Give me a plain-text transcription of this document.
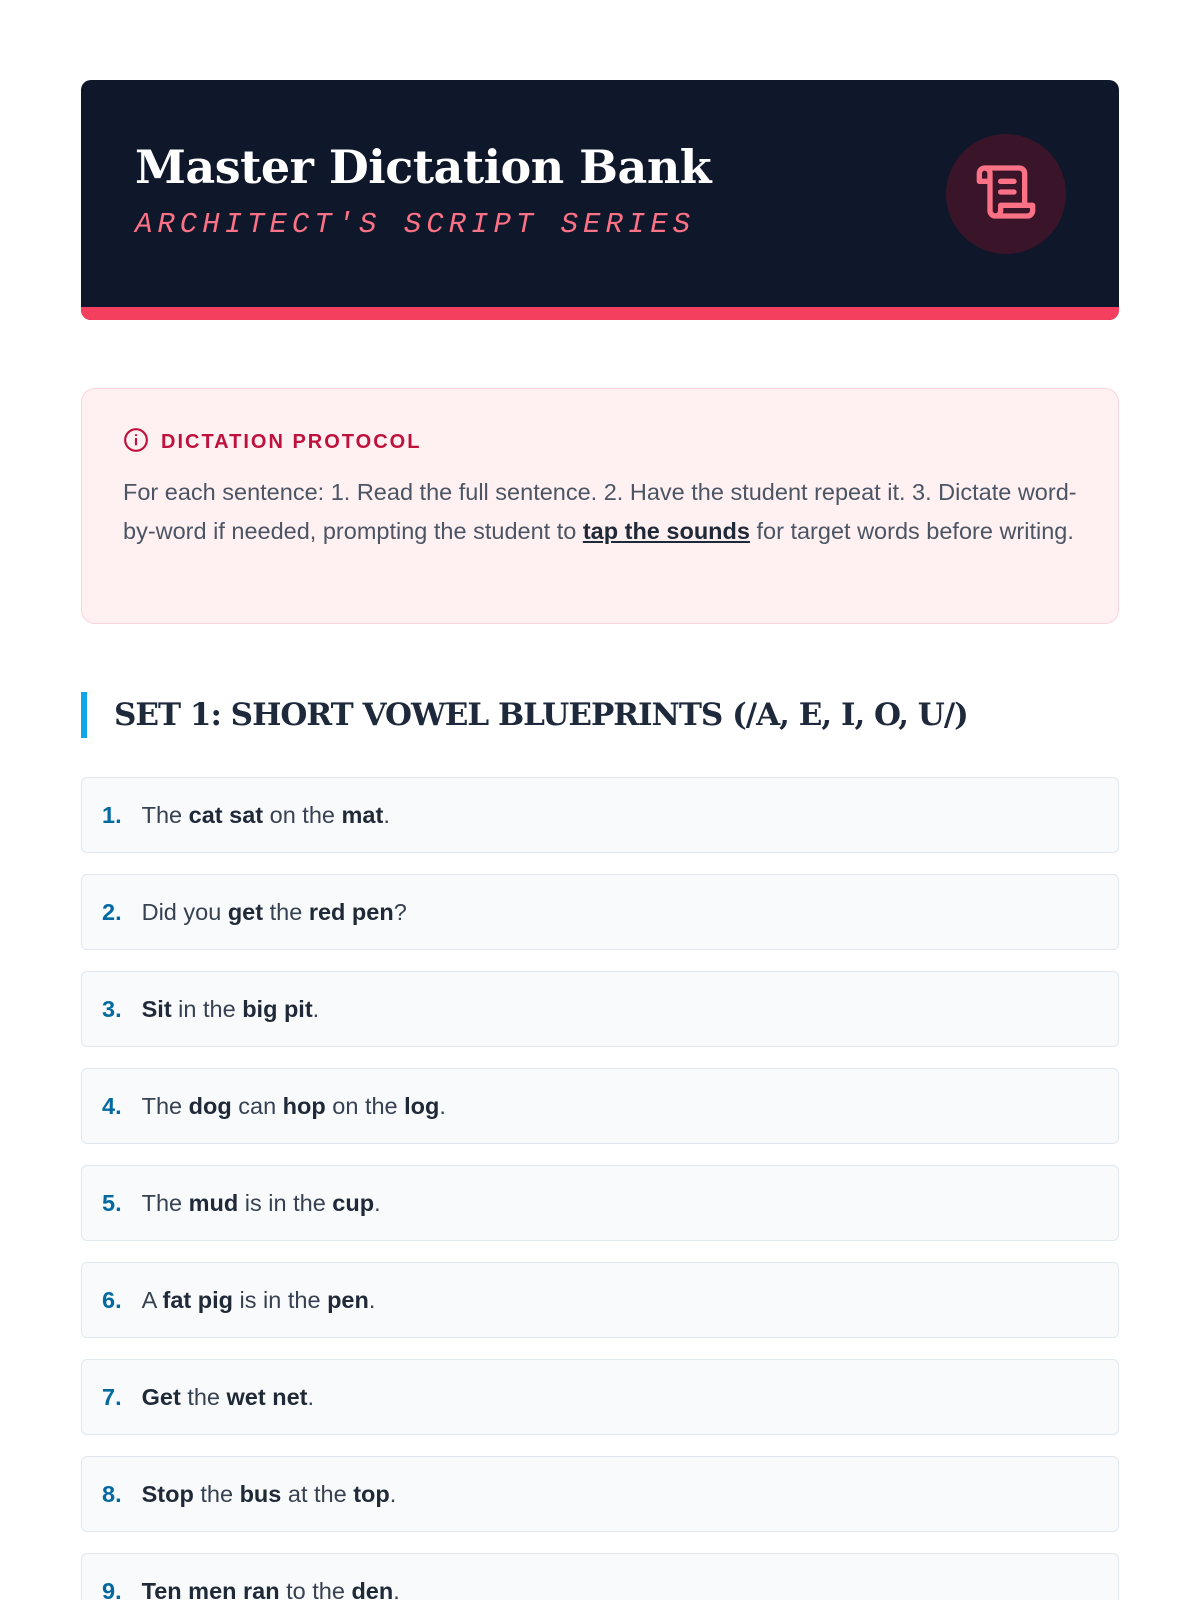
Master Dictation Bank
ARCHITECT'S SCRIPT SERIES
DICTATION PROTOCOL

For each sentence: 1. Read the full sentence. 2. Have the student repeat it. 3. Dictate word-by-word if needed, prompting the student to tap the sounds for target words before writing.

SET 1: SHORT VOWEL BLUEPRINTS (/A, E, I, O, U/)
1. The cat sat on the mat.
2. Did you get the red pen?
3. Sit in the big pit.
4. The dog can hop on the log.
5. The mud is in the cup.
6. A fat pig is in the pen.
7. Get the wet net.
8. Stop the bus at the top.
9. Ten men ran to the den.
